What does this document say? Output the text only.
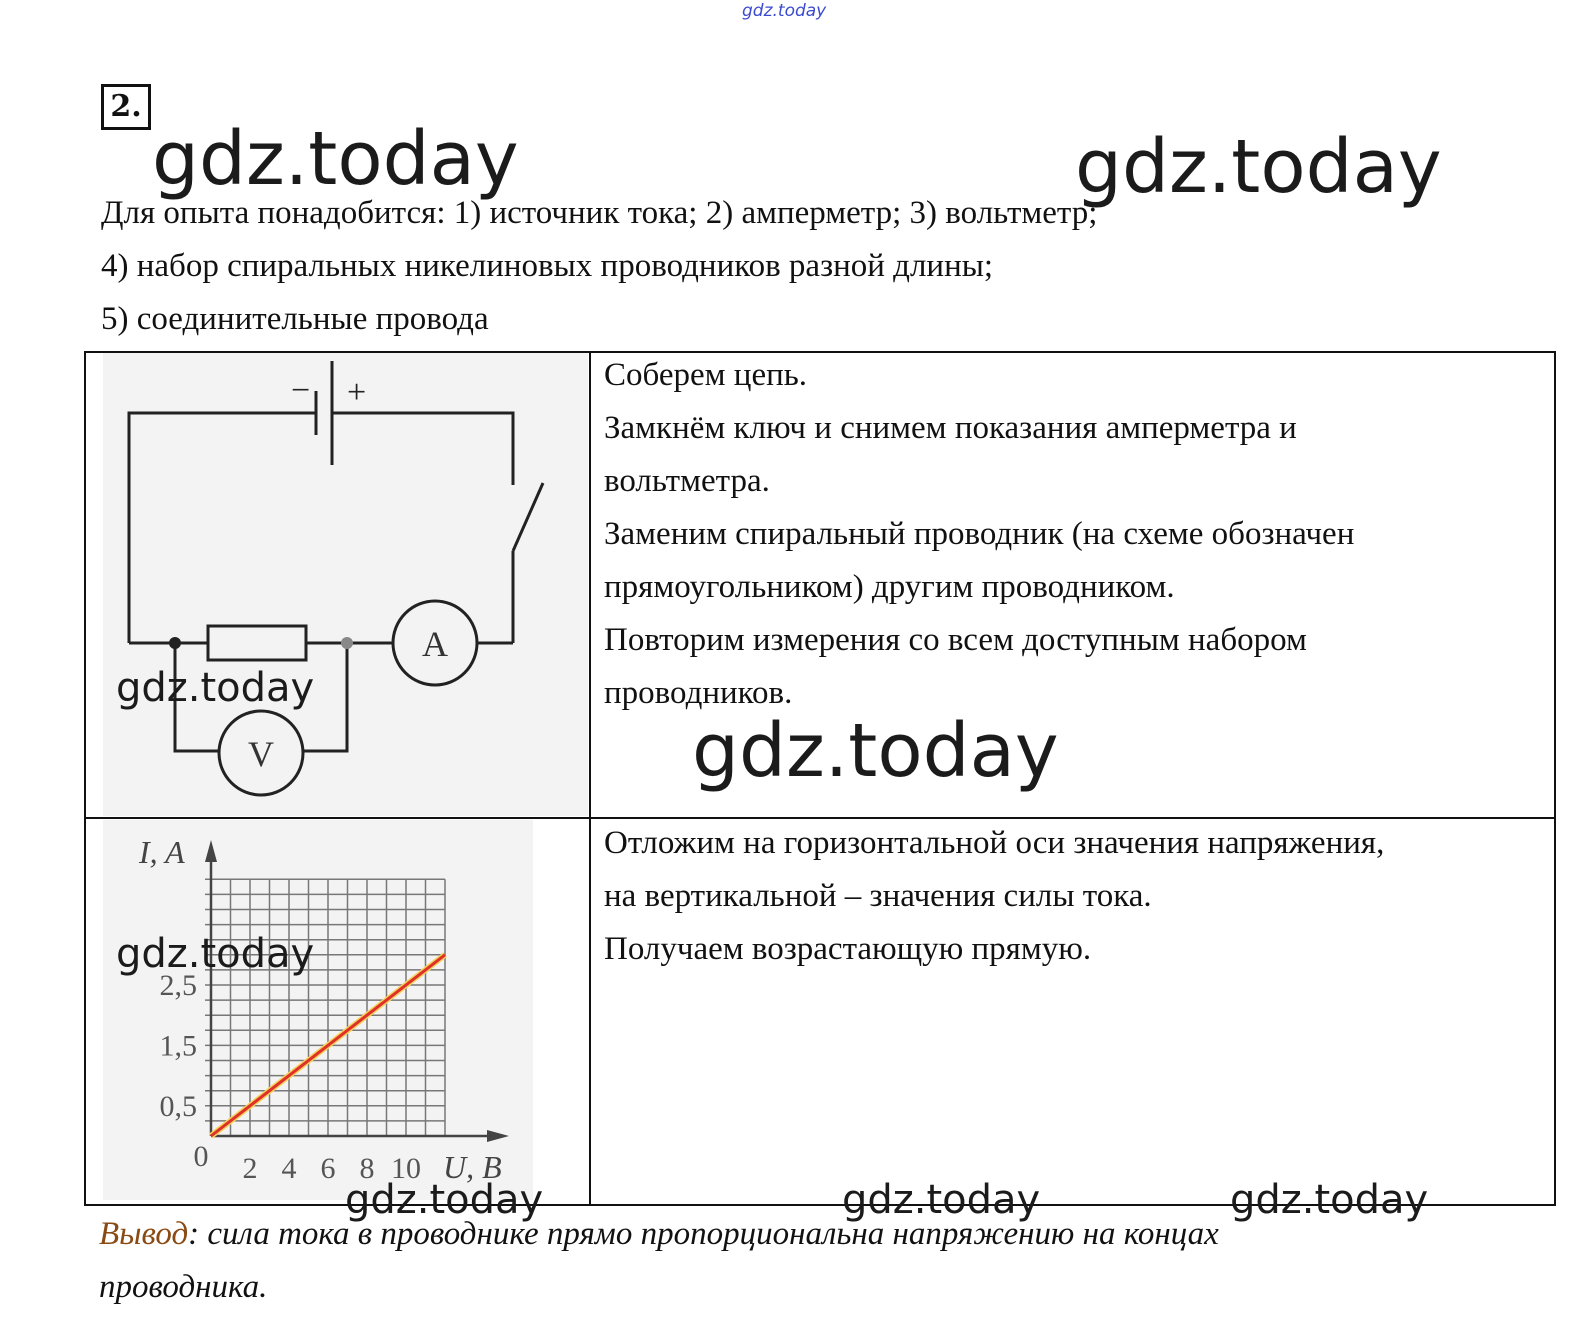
gdz.today
2.
gdz.today	gdz.today
Для опыта понадобится: 1) источник тока; 2) амперметр; 3) вольтметр;
4) набор спиральных никелиновых проводников разной длины;
5) соединительные провода
− +
A
V
gdz.today
Соберем цепь.
Замкнём ключ и снимем показания амперметра и
вольтметра.
Заменим спиральный проводник (на схеме обозначен
прямоугольником) другим проводником.
Повторим измерения со всем доступным набором
проводников.
gdz.today
2 4 6 8 10
0
0,5
1,5
2,5
I, A
U, B
gdz.today
Отложим на горизонтальной оси значения напряжения,
на вертикальной – значения силы тока.
Получаем возрастающую прямую.
gdz.today	gdz.today	gdz.today
Вывод: сила тока в проводнике прямо пропорциональна напряжению на концах
проводника.
